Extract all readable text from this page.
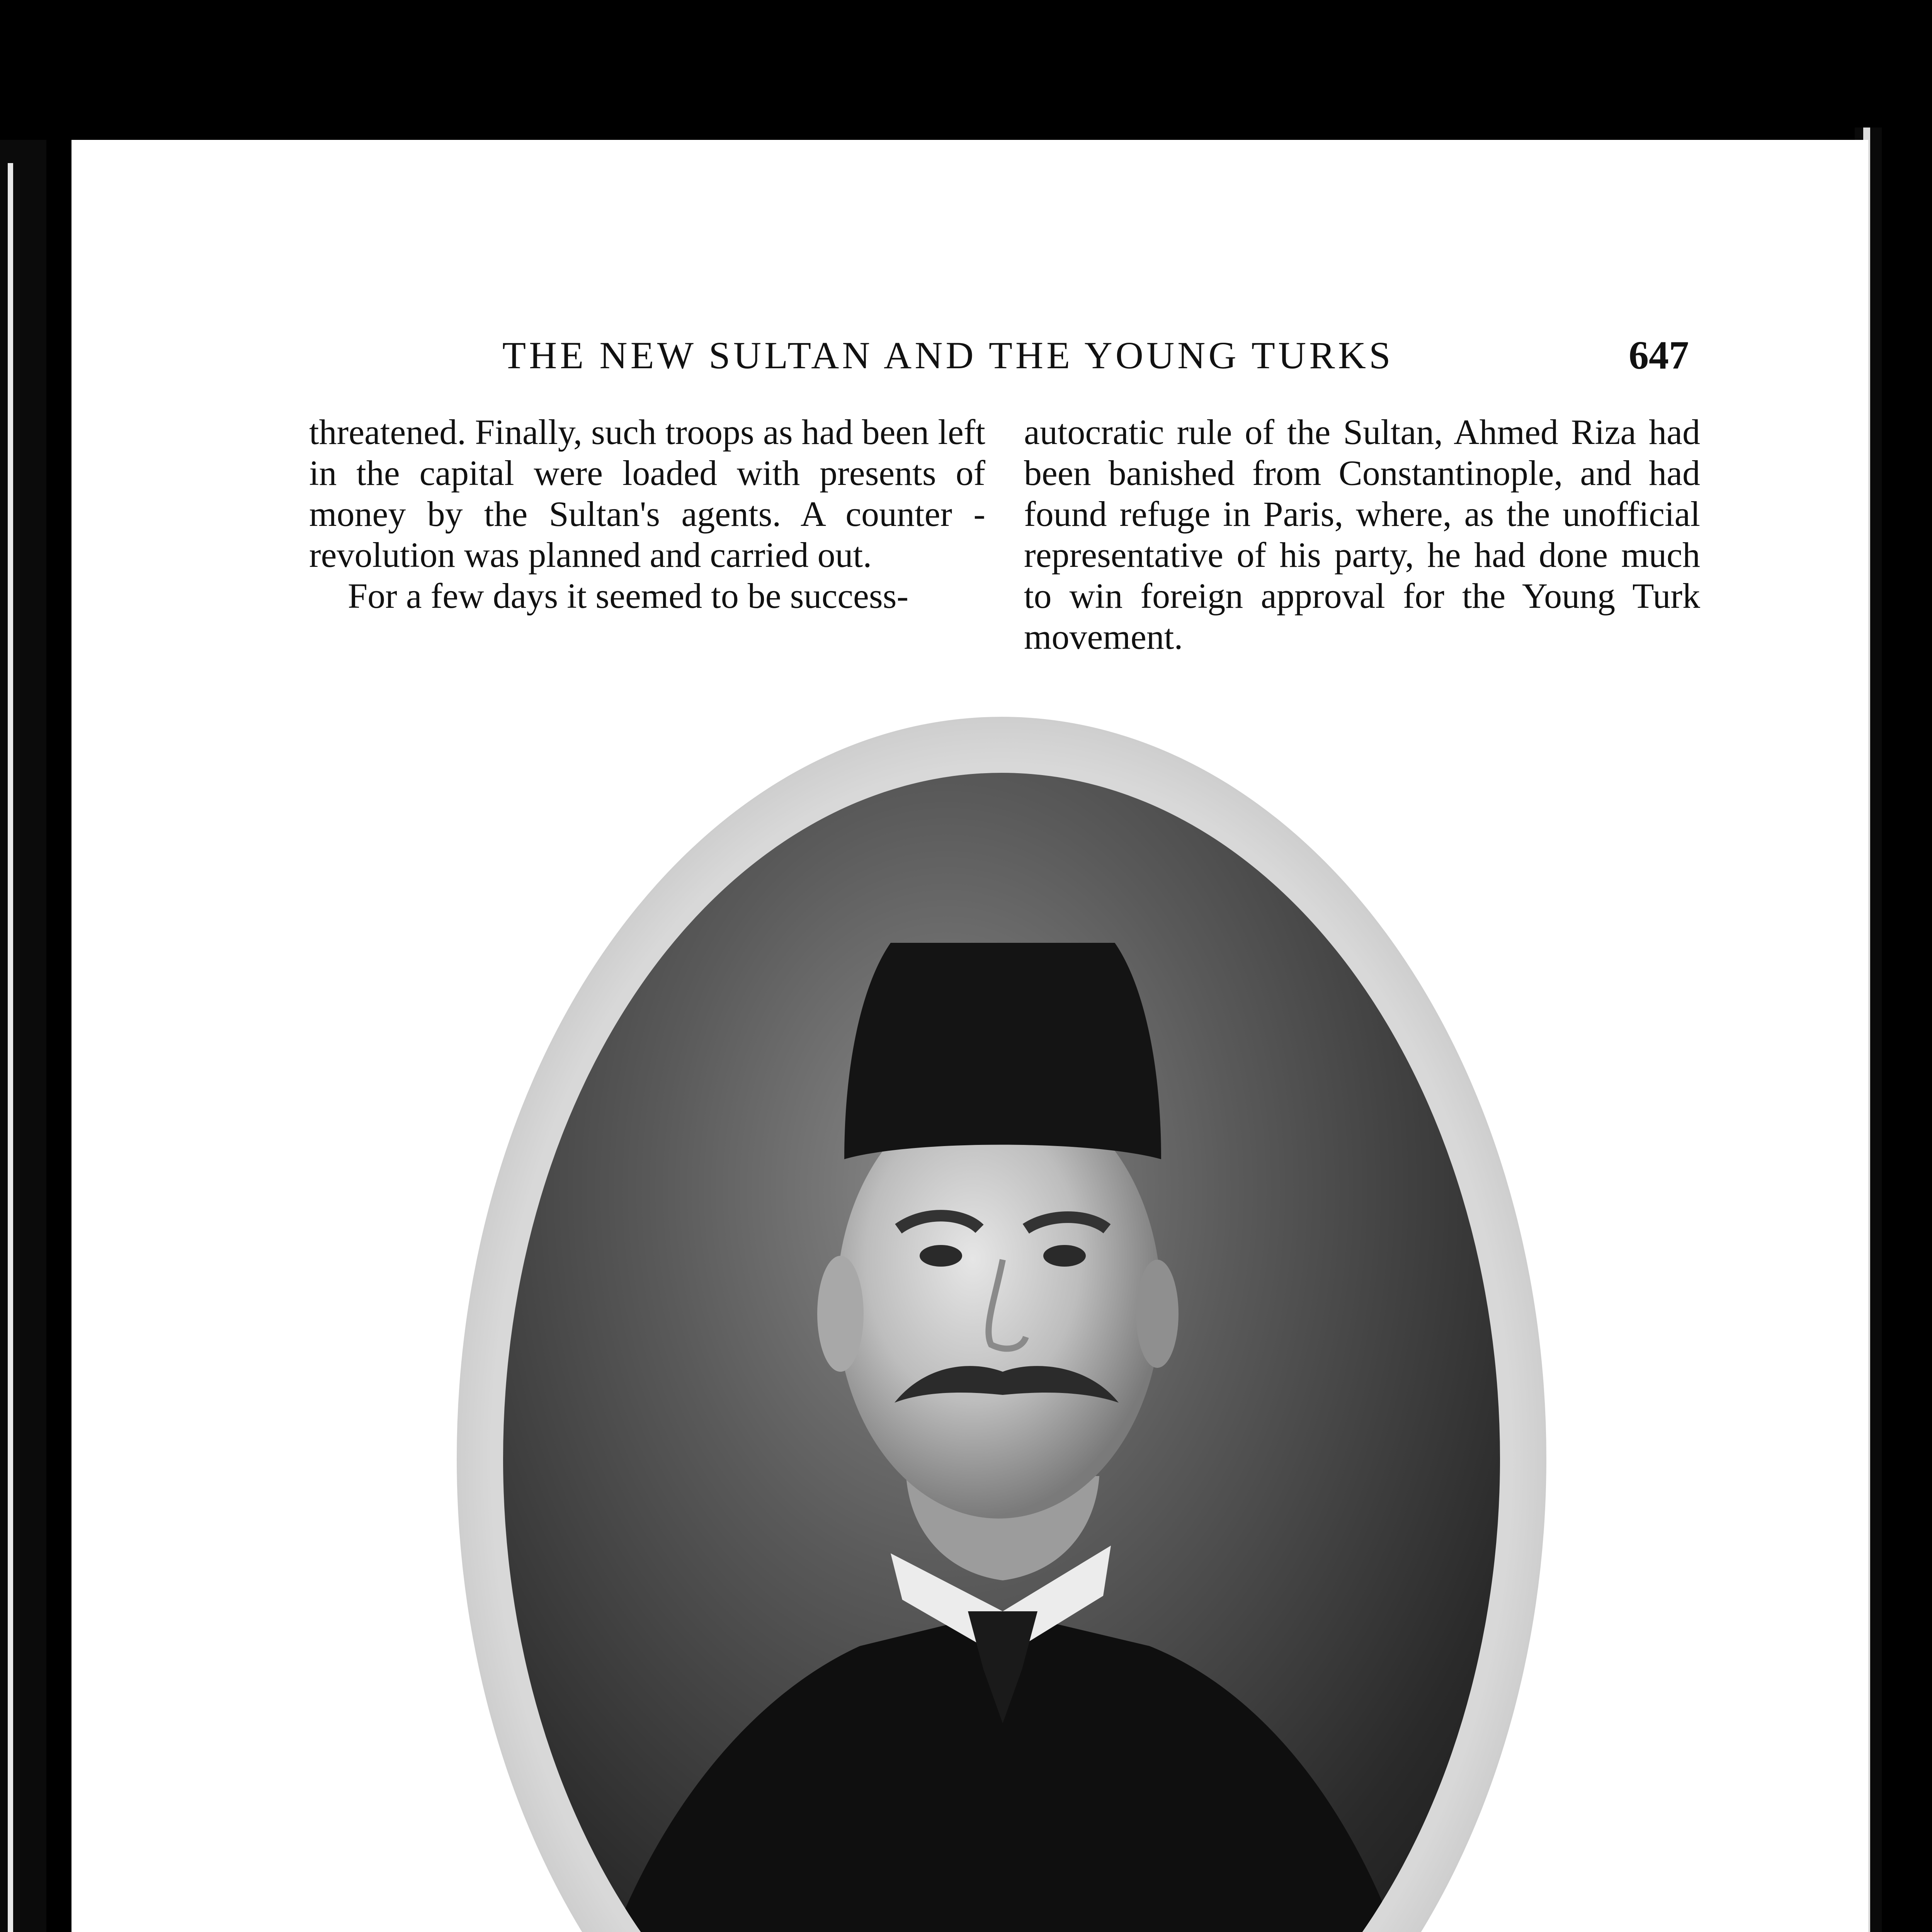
THE NEW SULTAN AND THE YOUNG TURKS	647

threatened. Finally, such troops as had been left in the capital were loaded with presents of money by the Sultan's agents. A counter - revolution was planned and carried out.

For a few days it seemed to be success-

autocratic rule of the Sultan, Ahmed Riza had been banished from Constantinople, and had found refuge in Paris, where, as the unofficial representative of his party, he had done much to win foreign approval for the Young Turk movement.
